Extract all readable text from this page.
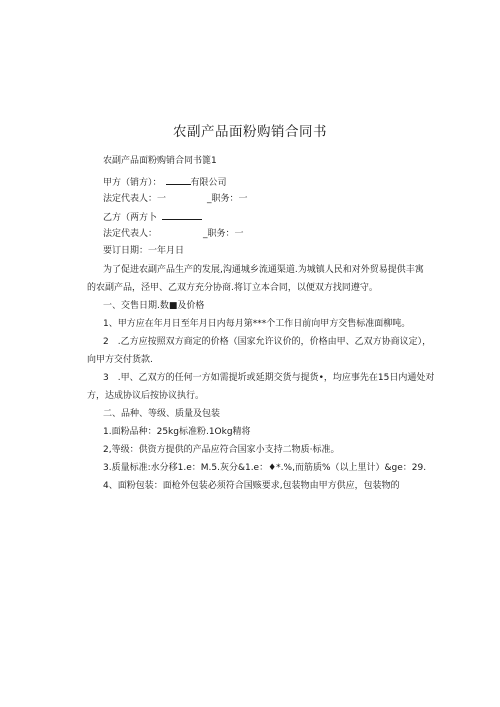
农副产品面粉购销合同书
农副产品面粉购销合同书篦1
甲方（销方）：	有限公司
法定代表人：一	_职务：一
乙方（两方卜
法定代表人：	_职务：一
要订日期：一年月日
为了促进农副产品生产的发展,沟通城乡流通渠道.为城镇人民和对外贸易提供丰寓
的农副产品，泾甲、乙双方充分协商.将订立本合同，以便双方找同遵守。
一、交售日期.数■及价格
1、甲方应在年月日至年月日内每月第***个工作日前向甲方交售标准面柳吨。
2　.乙方应按照双方商定的价格（国家允许议价的，价格由甲、乙双方协商议定），
向甲方交付货款.
3　.甲、乙双方的任何一方如需提圻或延期交货与提货•，均应事先在15日内通处对
方，达成协议后按协议执行。
二、品种、等级、质量及包装
1.面粉品种：25kg标准粉.1Okg精将
2,等级：供资方提供的产品应符合国家小支持二物质·标准。
3.质量标准:水分移1.e：M.5.灰分&1.e：♦*.%,而筋质%（以上里计）&ge：29.
4、面粉包装：面枪外包装必须符合国赅要求,包装物由甲方供应，包装物的
